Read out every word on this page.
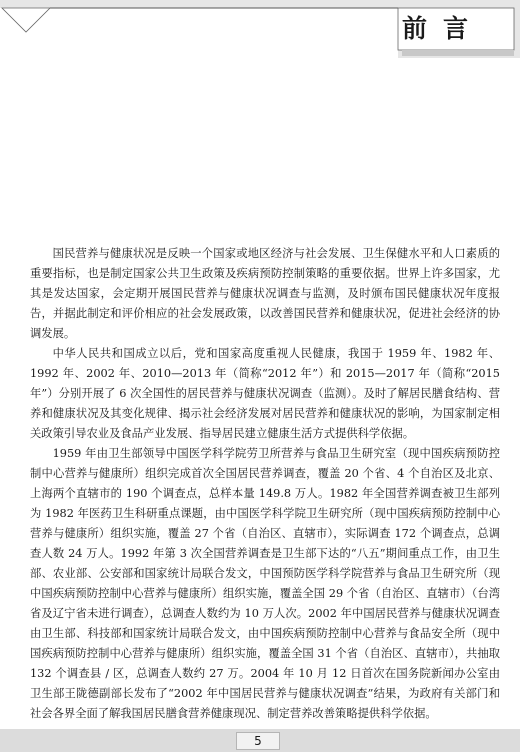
前言

国民营养与健康状况是反映一个国家或地区经济与社会发展、卫生保健水平和人口素质的重要指标，也是制定国家公共卫生政策及疾病预防控制策略的重要依据。世界上许多国家，尤其是发达国家，会定期开展国民营养与健康状况调查与监测，及时颁布国民健康状况年度报告，并据此制定和评价相应的社会发展政策，以改善国民营养和健康状况，促进社会经济的协调发展。

中华人民共和国成立以后，党和国家高度重视人民健康，我国于 1959 年、1982 年、1992 年、2002 年、2010—2013 年（简称“2012 年”）和 2015—2017 年（简称“2015 年”）分别开展了 6 次全国性的居民营养与健康状况调查（监测）。及时了解居民膳食结构、营养和健康状况及其变化规律、揭示社会经济发展对居民营养和健康状况的影响，为国家制定相关政策引导农业及食品产业发展、指导居民建立健康生活方式提供科学依据。

1959 年由卫生部领导中国医学科学院劳卫所营养与食品卫生研究室（现中国疾病预防控制中心营养与健康所）组织完成首次全国居民营养调查，覆盖 20 个省、4 个自治区及北京、上海两个直辖市的 190 个调查点，总样本量 149.8 万人。1982 年全国营养调查被卫生部列为 1982 年医药卫生科研重点课题，由中国医学科学院卫生研究所（现中国疾病预防控制中心营养与健康所）组织实施，覆盖 27 个省（自治区、直辖市），实际调查 172 个调查点，总调查人数 24 万人。1992 年第 3 次全国营养调查是卫生部下达的“八五”期间重点工作，由卫生部、农业部、公安部和国家统计局联合发文，中国预防医学科学院营养与食品卫生研究所（现中国疾病预防控制中心营养与健康所）组织实施，覆盖全国 29 个省（自治区、直辖市）（台湾省及辽宁省未进行调查），总调查人数约为 10 万人次。2002 年中国居民营养与健康状况调查由卫生部、科技部和国家统计局联合发文，由中国疾病预防控制中心营养与食品安全所（现中国疾病预防控制中心营养与健康所）组织实施，覆盖全国 31 个省（自治区、直辖市），共抽取 132 个调查县 / 区，总调查人数约 27 万。2004 年 10 月 12 日首次在国务院新闻办公室由卫生部王陇德副部长发布了“2002 年中国居民营养与健康状况调查”结果，为政府有关部门和社会各界全面了解我国居民膳食营养健康现况、制定营养改善策略提供科学依据。

5
